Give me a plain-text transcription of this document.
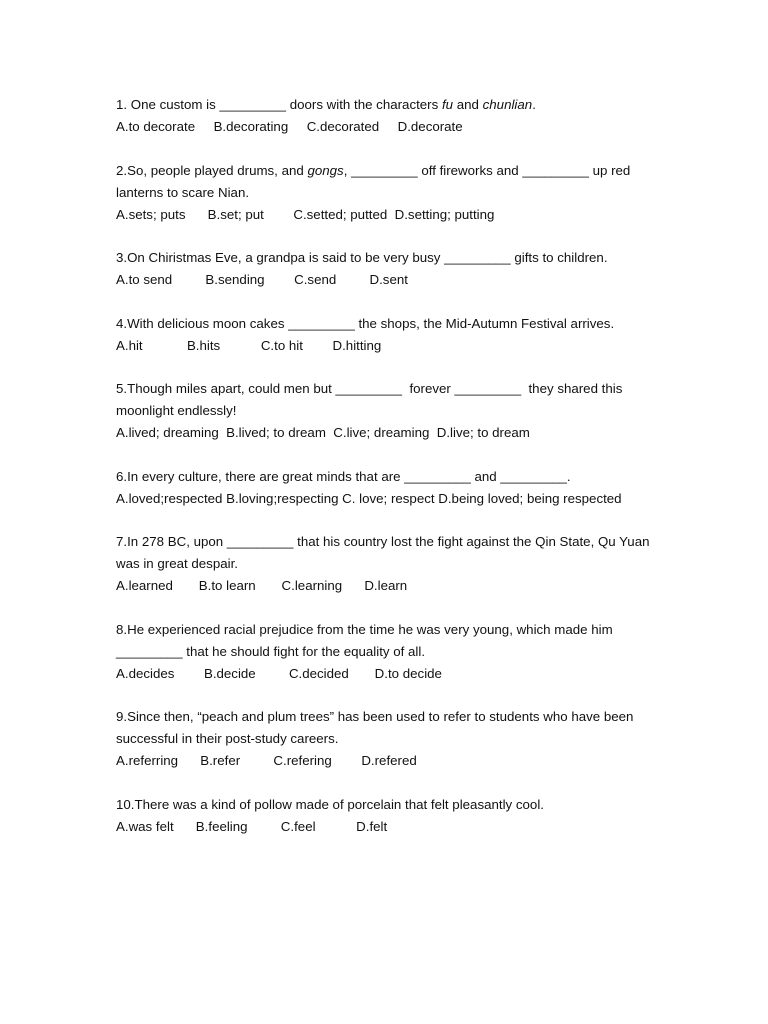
1. One custom is _________ doors with the characters fu and chunlian.
A.to decorate     B.decorating     C.decorated     D.decorate
2.So, people played drums, and gongs, _________ off fireworks and _________ up red lanterns to scare Nian.
A.sets; puts      B.set; put        C.setted; putted  D.setting; putting
3.On Chiristmas Eve, a grandpa is said to be very busy _________ gifts to children.
A.to send         B.sending        C.send         D.sent
4.With delicious moon cakes _________ the shops, the Mid-Autumn Festival arrives.
A.hit            B.hits           C.to hit        D.hitting
5.Though miles apart, could men but _________  forever _________  they shared this moonlight endlessly!
A.lived; dreaming  B.lived; to dream  C.live; dreaming  D.live; to dream
6.In every culture, there are great minds that are _________ and _________.
A.loved;respected B.loving;respecting C. love; respect D.being loved; being respected
7.In 278 BC, upon _________ that his country lost the fight against the Qin State, Qu Yuan was in great despair.
A.learned       B.to learn       C.learning      D.learn
8.He experienced racial prejudice from the time he was very young, which made him _________ that he should fight for the equality of all.
A.decides        B.decide         C.decided       D.to decide
9.Since then, “peach and plum trees” has been used to refer to students who have been successful in their post-study careers.
A.referring      B.refer         C.refering        D.refered
10.There was a kind of pollow made of porcelain that felt pleasantly cool.
A.was felt      B.feeling         C.feel           D.felt
